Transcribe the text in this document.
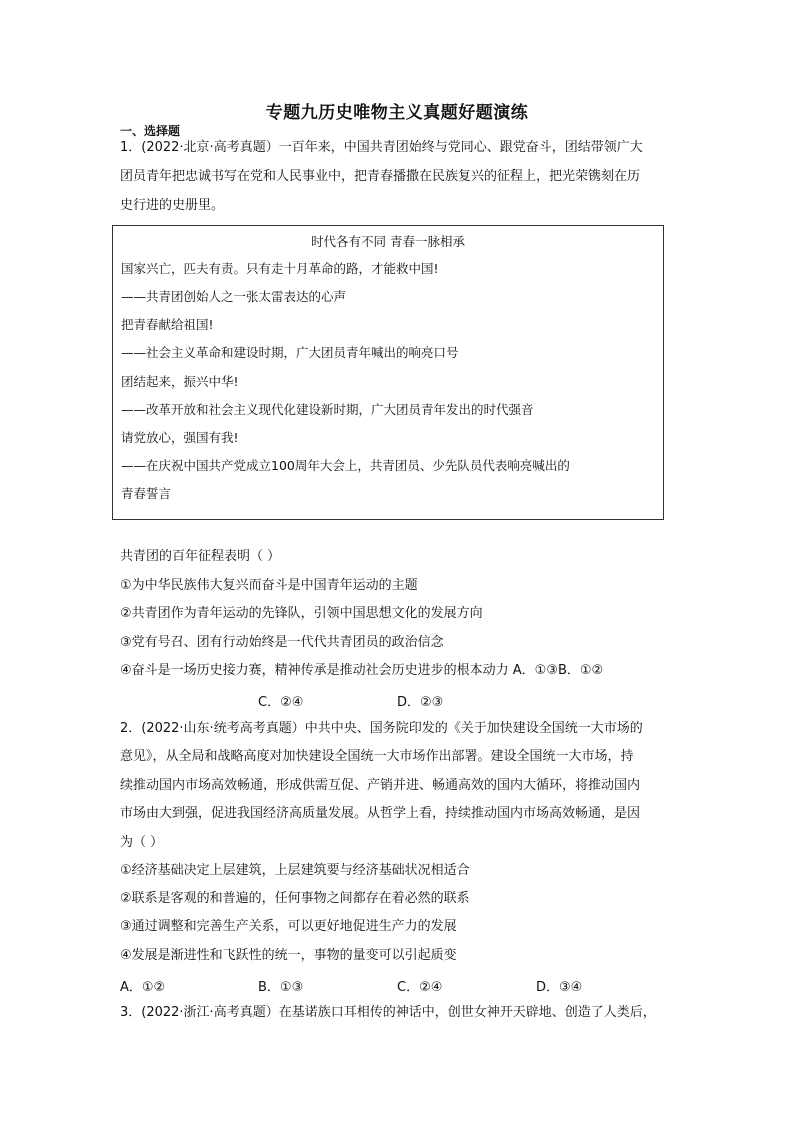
专题九历史唯物主义真题好题演练
一、选择题
1．(2022·北京·高考真题）一百年来，中国共青团始终与党同心、跟党奋斗，团结带领广大
团员青年把忠诚书写在党和人民事业中，把青春播撒在民族复兴的征程上，把光荣镌刻在历
史行进的史册里。
时代各有不同 青春一脉相承
国家兴亡，匹夫有责。只有走十月革命的路，才能救中国!
——共青团创始人之一张太雷表达的心声
把青春献给祖国!
——社会主义革命和建设时期，广大团员青年喊出的响亮口号
团结起来，振兴中华!
——改革开放和社会主义现代化建设新时期，广大团员青年发出的时代强音
请党放心，强国有我!
——在庆祝中国共产党成立100周年大会上，共青团员、少先队员代表响亮喊出的
青春誓言
共青团的百年征程表明（ ）
①为中华民族伟大复兴而奋斗是中国青年运动的主题
②共青团作为青年运动的先锋队，引领中国思想文化的发展方向
③党有号召、团有行动始终是一代代共青团员的政治信念
④奋斗是一场历史接力赛，精神传承是推动社会历史进步的根本动力 A．①③B．①②
C．②④	D．②③
2．(2022·山东·统考高考真题）中共中央、国务院印发的《关于加快建设全国统一大市场的
意见》，从全局和战略高度对加快建设全国统一大市场作出部署。建设全国统一大市场，持
续推动国内市场高效畅通，形成供需互促、产销并进、畅通高效的国内大循环，将推动国内
市场由大到强，促进我国经济高质量发展。从哲学上看，持续推动国内市场高效畅通，是因
为（ ）
①经济基础决定上层建筑，上层建筑要与经济基础状况相适合
②联系是客观的和普遍的，任何事物之间都存在着必然的联系
③通过调整和完善生产关系，可以更好地促进生产力的发展
④发展是渐进性和飞跃性的统一，事物的量变可以引起质变
A．①②	B．①③	C．②④	D．③④
3．(2022·浙江·高考真题）在基诺族口耳相传的神话中，创世女神开天辟地、创造了人类后，
